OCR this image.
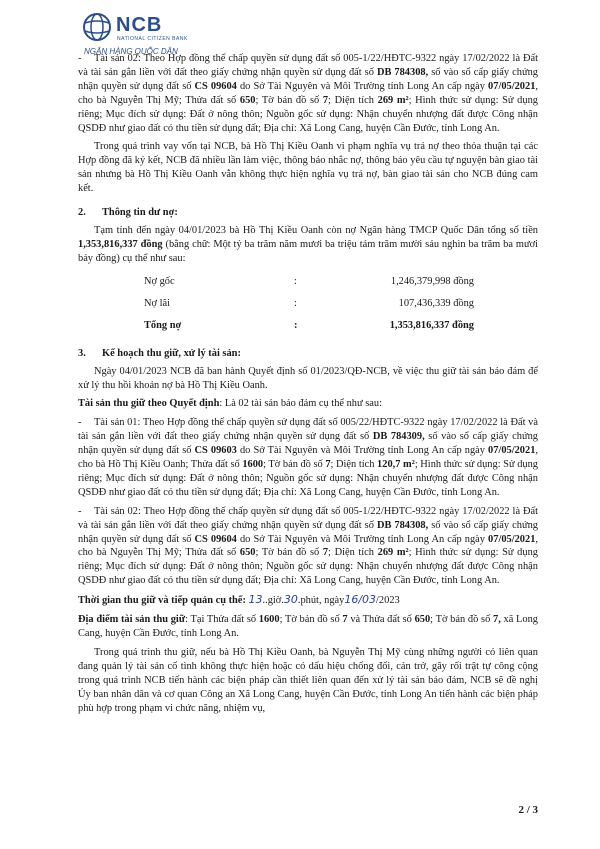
NCB
NATIONAL CITIZEN BANK
NGÂN HÀNG QUỐC DÂN

- Tài sản 02: Theo Hợp đồng thế chấp quyền sử dụng đất số 005-1/22/HĐTC-9322 ngày 17/02/2022 là Đất và tài sản gắn liền với đất theo giấy chứng nhận quyền sử dụng đất số DB 784308, số vào sổ cấp giấy chứng nhận quyền sử dụng đất số CS 09604 do Sở Tài Nguyên và Môi Trường tỉnh Long An cấp ngày 07/05/2021, cho bà Nguyễn Thị Mỹ; Thửa đất số 650; Tờ bản đồ số 7; Diện tích 269 m²; Hình thức sử dụng: Sử dụng riêng; Mục đích sử dụng: Đất ở nông thôn; Nguồn gốc sử dụng: Nhận chuyển nhượng đất được Công nhận QSDĐ như giao đất có thu tiền sử dụng đất; Địa chỉ: Xã Long Cang, huyện Cần Đước, tỉnh Long An.

Trong quá trình vay vốn tại NCB, bà Hồ Thị Kiều Oanh vi phạm nghĩa vụ trả nợ theo thỏa thuận tại các Hợp đồng đã ký kết, NCB đã nhiều lần làm việc, thông báo nhắc nợ, thông báo yêu cầu tự nguyện bàn giao tài sản nhưng bà Hồ Thị Kiều Oanh vẫn không thực hiện nghĩa vụ trả nợ, bàn giao tài sản cho NCB đúng cam kết.

2. Thông tin dư nợ:

Tạm tính đến ngày 04/01/2023 bà Hồ Thị Kiều Oanh còn nợ Ngân hàng TMCP Quốc Dân tổng số tiền 1,353,816,337 đồng (bằng chữ: Một tỷ ba trăm năm mươi ba triệu tám trăm mười sáu nghìn ba trăm ba mươi bảy đồng) cụ thể như sau:

Nợ gốc	:	1,246,379,998 đồng
Nợ lãi	:	107,436,339 đồng
Tổng nợ	:	1,353,816,337 đồng
3. Kế hoạch thu giữ, xử lý tài sản:

Ngày 04/01/2023 NCB đã ban hành Quyết định số 01/2023/QĐ-NCB, về việc thu giữ tài sản bảo đảm để xử lý thu hồi khoản nợ bà Hồ Thị Kiều Oanh.

Tài sản thu giữ theo Quyết định: Là 02 tài sản bảo đảm cụ thể như sau:

- Tài sản 01: Theo Hợp đồng thế chấp quyền sử dụng đất số 005/22/HĐTC-9322 ngày 17/02/2022 là Đất và tài sản gắn liền với đất theo giấy chứng nhận quyền sử dụng đất số DB 784309, số vào sổ cấp giấy chứng nhận quyền sử dụng đất số CS 09603 do Sở Tài Nguyên và Môi Trường tỉnh Long An cấp ngày 07/05/2021, cho bà Hồ Thị Kiều Oanh; Thửa đất số 1600; Tờ bản đồ số 7; Diện tích 120,7 m²; Hình thức sử dụng: Sử dụng riêng; Mục đích sử dụng: Đất ở nông thôn; Nguồn gốc sử dụng: Nhận chuyển nhượng đất được Công nhận QSDĐ như giao đất có thu tiền sử dụng đất; Địa chỉ: Xã Long Cang, huyện Cần Đước, tỉnh Long An.

- Tài sản 02: Theo Hợp đồng thế chấp quyền sử dụng đất số 005-1/22/HĐTC-9322 ngày 17/02/2022 là Đất và tài sản gắn liền với đất theo giấy chứng nhận quyền sử dụng đất số DB 784308, số vào sổ cấp giấy chứng nhận quyền sử dụng đất số CS 09604 do Sở Tài Nguyên và Môi Trường tỉnh Long An cấp ngày 07/05/2021, cho bà Nguyễn Thị Mỹ; Thửa đất số 650; Tờ bản đồ số 7; Diện tích 269 m²; Hình thức sử dụng: Sử dụng riêng; Mục đích sử dụng: Đất ở nông thôn; Nguồn gốc sử dụng: Nhận chuyển nhượng đất được Công nhận QSDĐ như giao đất có thu tiền sử dụng đất; Địa chỉ: Xã Long Cang, huyện Cần Đước, tỉnh Long An.

Thời gian thu giữ và tiếp quản cụ thể: 13..giờ.30.phút, ngày16/03/2023

Địa điểm tài sản thu giữ: Tại Thửa đất số 1600; Tờ bản đồ số 7 và Thửa đất số 650; Tờ bản đồ số 7, xã Long Cang, huyện Cần Đước, tỉnh Long An.

Trong quá trình thu giữ, nếu bà Hồ Thị Kiều Oanh, bà Nguyễn Thị Mỹ cùng những người có liên quan đang quản lý tài sản cố tình không thực hiện hoặc có dấu hiệu chống đối, cản trở, gây rối trật tự công cộng trong quá trình NCB tiến hành các biện pháp cần thiết liên quan đến xử lý tài sản bảo đảm, NCB sẽ đề nghị Ủy ban nhân dân và cơ quan Công an Xã Long Cang, huyện Cần Đước, tỉnh Long An tiến hành các biện pháp phù hợp trong phạm vi chức năng, nhiệm vụ,

2 / 3
